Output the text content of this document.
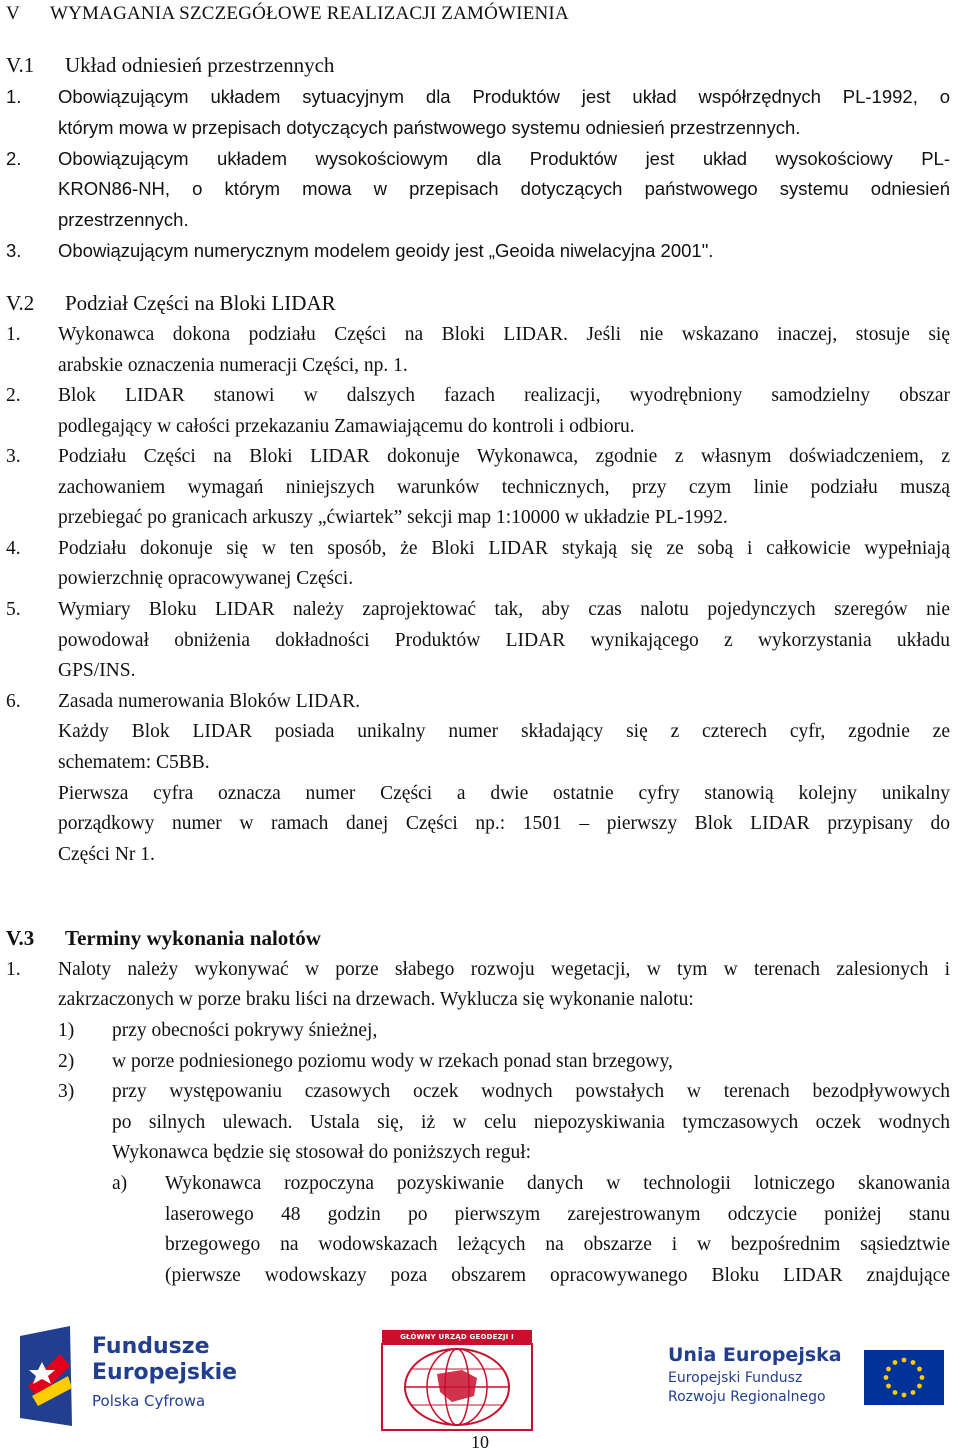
V WYMAGANIA SZCZEGÓŁOWE REALIZACJI ZAMÓWIENIA
V.1 Układ odniesień przestrzennych
1. Obowiązującym układem sytuacyjnym dla Produktów jest układ współrzędnych PL-1992, o
którym mowa w przepisach dotyczących państwowego systemu odniesień przestrzennych.
2. Obowiązującym układem wysokościowym dla Produktów jest układ wysokościowy PL-
KRON86-NH, o którym mowa w przepisach dotyczących państwowego systemu odniesień
przestrzennych.
3. Obowiązującym numerycznym modelem geoidy jest „Geoida niwelacyjna 2001".
V.2 Podział Części na Bloki LIDAR
1. Wykonawca dokona podziału Części na Bloki LIDAR. Jeśli nie wskazano inaczej, stosuje się
arabskie oznaczenia numeracji Części, np. 1.
2. Blok LIDAR stanowi w dalszych fazach realizacji, wyodrębniony samodzielny obszar
podlegający w całości przekazaniu Zamawiającemu do kontroli i odbioru.
3. Podziału Części na Bloki LIDAR dokonuje Wykonawca, zgodnie z własnym doświadczeniem, z
zachowaniem wymagań niniejszych warunków technicznych, przy czym linie podziału muszą
przebiegać po granicach arkuszy „ćwiartek” sekcji map 1:10000 w układzie PL-1992.
4. Podziału dokonuje się w ten sposób, że Bloki LIDAR stykają się ze sobą i całkowicie wypełniają
powierzchnię opracowywanej Części.
5. Wymiary Bloku LIDAR należy zaprojektować tak, aby czas nalotu pojedynczych szeregów nie
powodował obniżenia dokładności Produktów LIDAR wynikającego z wykorzystania układu
GPS/INS.
6. Zasada numerowania Bloków LIDAR.
Każdy Blok LIDAR posiada unikalny numer składający się z czterech cyfr, zgodnie ze
schematem: C5BB.
Pierwsza cyfra oznacza numer Części a dwie ostatnie cyfry stanowią kolejny unikalny
porządkowy numer w ramach danej Części np.: 1501 – pierwszy Blok LIDAR przypisany do
Części Nr 1.
V.3 Terminy wykonania nalotów
1. Naloty należy wykonywać w porze słabego rozwoju wegetacji, w tym w terenach zalesionych i
zakrzaczonych w porze braku liści na drzewach. Wyklucza się wykonanie nalotu:
1) przy obecności pokrywy śnieżnej,
2) w porze podniesionego poziomu wody w rzekach ponad stan brzegowy,
3) przy występowaniu czasowych oczek wodnych powstałych w terenach bezodpływowych
po silnych ulewach. Ustala się, iż w celu niepozyskiwania tymczasowych oczek wodnych
Wykonawca będzie się stosował do poniższych reguł:
a) Wykonawca rozpoczyna pozyskiwanie danych w technologii lotniczego skanowania
laserowego 48 godzin po pierwszym zarejestrowanym odczycie poniżej stanu
brzegowego na wodowskazach leżących na obszarze i w bezpośrednim sąsiedztwie
(pierwsze wodowskazy poza obszarem opracowywanego Bloku LIDAR znajdujące
Fundusze
Europejskie
Polska Cyfrowa
GŁÓWNY URZĄD GEODEZJI I KARTOGRAFII	Unia Europejska
Europejski Fundusz
Rozwoju Regionalnego
10
